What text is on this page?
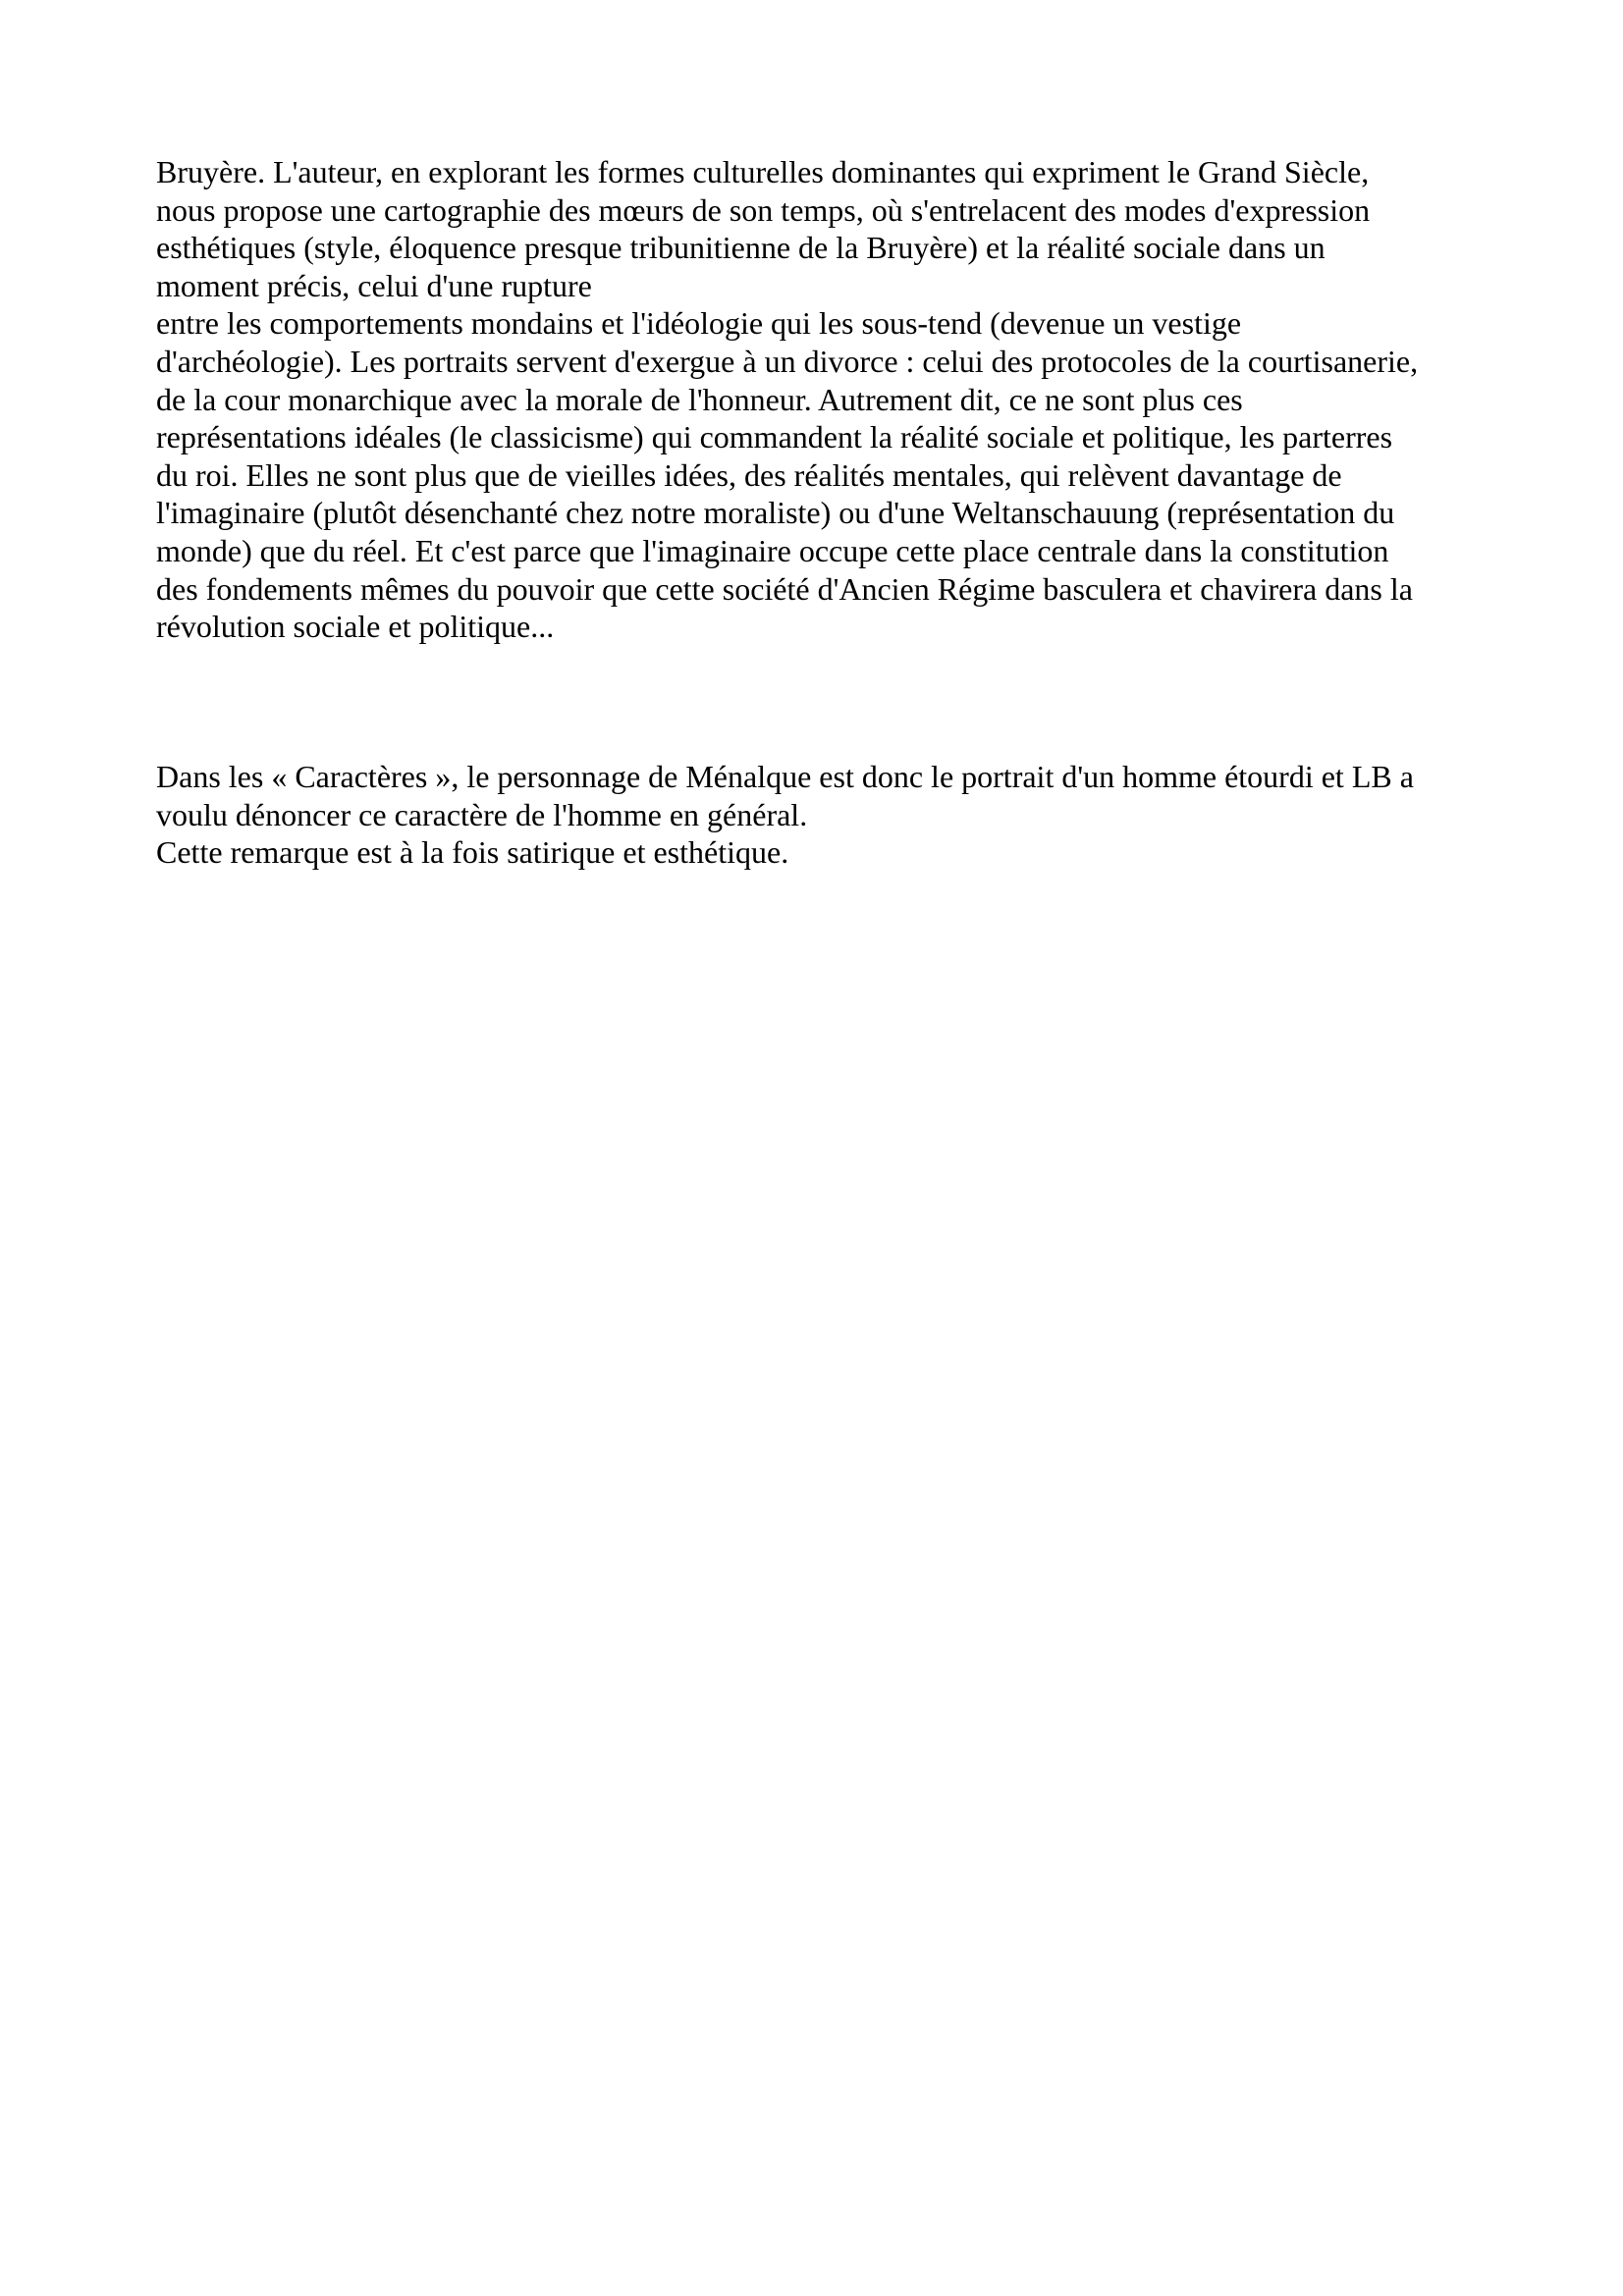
Bruyère. L'auteur, en explorant les formes culturelles dominantes qui expriment le Grand Siècle,
nous propose une cartographie des mœurs de son temps, où s'entrelacent des modes d'expression
esthétiques (style, éloquence presque tribunitienne de la Bruyère) et la réalité sociale dans un
moment précis, celui d'une rupture
entre les comportements mondains et l'idéologie qui les sous-tend (devenue un vestige
d'archéologie). Les portraits servent d'exergue à un divorce : celui des protocoles de la courtisanerie,
de la cour monarchique avec la morale de l'honneur. Autrement dit, ce ne sont plus ces
représentations idéales (le classicisme) qui commandent la réalité sociale et politique, les parterres
du roi. Elles ne sont plus que de vieilles idées, des réalités mentales, qui relèvent davantage de
l'imaginaire (plutôt désenchanté chez notre moraliste) ou d'une Weltanschauung (représentation du
monde) que du réel. Et c'est parce que l'imaginaire occupe cette place centrale dans la constitution
des fondements mêmes du pouvoir que cette société d'Ancien Régime basculera et chavirera dans la
révolution sociale et politique...
Dans les « Caractères », le personnage de Ménalque est donc le portrait d'un homme étourdi et LB a
voulu dénoncer ce caractère de l'homme en général.
Cette remarque est à la fois satirique et esthétique.
